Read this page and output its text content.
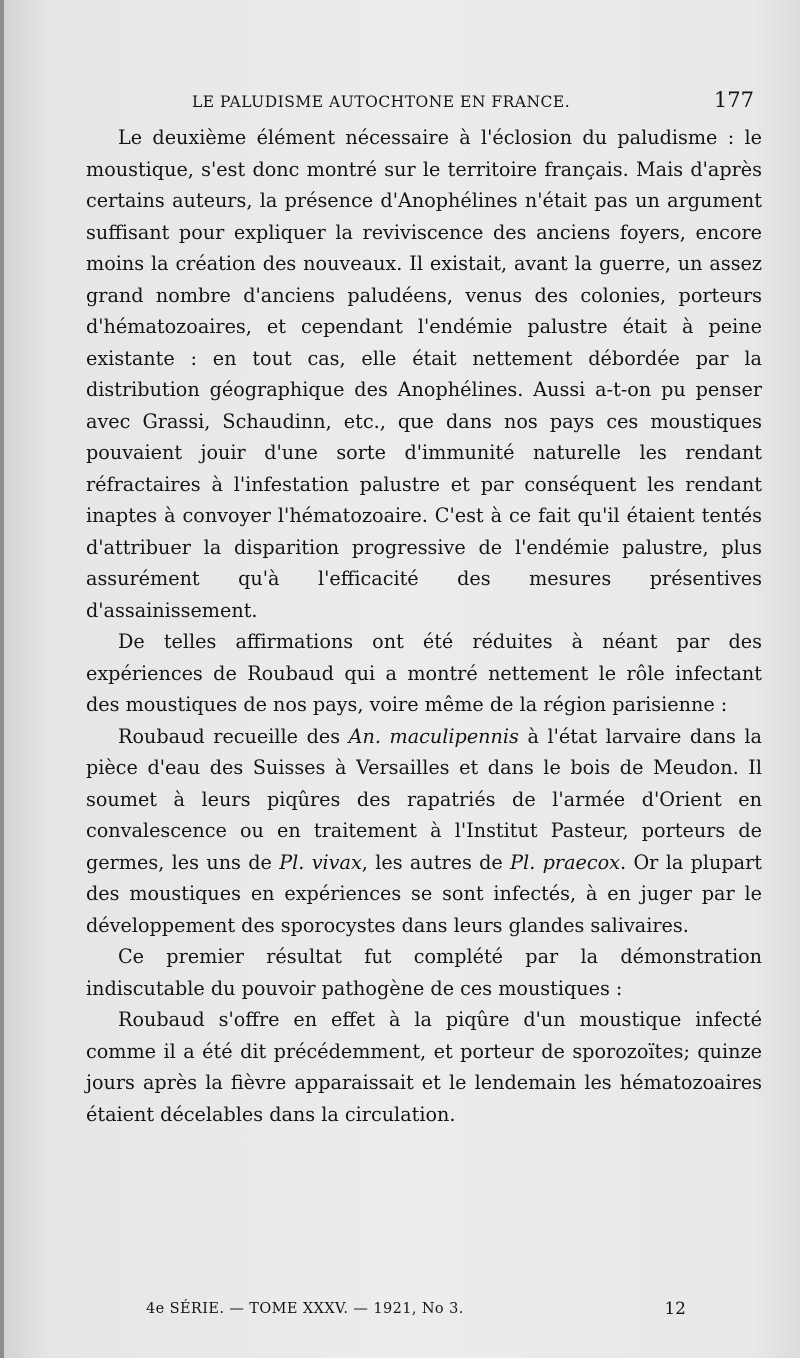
LE PALUDISME AUTOCHTONE EN FRANCE.	177

Le deuxième élément nécessaire à l'éclosion du paludisme : le moustique, s'est donc montré sur le territoire français. Mais d'après certains auteurs, la présence d'Anophélines n'était pas un argument suffisant pour expliquer la reviviscence des anciens foyers, encore moins la création des nouveaux. Il existait, avant la guerre, un assez grand nombre d'anciens paludéens, venus des colonies, porteurs d'hématozoaires, et cependant l'endémie palustre était à peine existante : en tout cas, elle était nettement débordée par la distribution géographique des Anophélines. Aussi a-t-on pu penser avec Grassi, Schaudinn, etc., que dans nos pays ces moustiques pouvaient jouir d'une sorte d'immunité naturelle les rendant réfractaires à l'infestation palustre et par conséquent les rendant inaptes à convoyer l'hématozoaire. C'est à ce fait qu'il étaient tentés d'attribuer la disparition progressive de l'endémie palustre, plus assurément qu'à l'efficacité des mesures présentives d'assainissement.

De telles affirmations ont été réduites à néant par des expériences de Roubaud qui a montré nettement le rôle infectant des moustiques de nos pays, voire même de la région parisienne :

Roubaud recueille des An. maculipennis à l'état larvaire dans la pièce d'eau des Suisses à Versailles et dans le bois de Meudon. Il soumet à leurs piqûres des rapatriés de l'armée d'Orient en convalescence ou en traitement à l'Institut Pasteur, porteurs de germes, les uns de Pl. vivax, les autres de Pl. praecox. Or la plupart des moustiques en expériences se sont infectés, à en juger par le développement des sporocystes dans leurs glandes salivaires.

Ce premier résultat fut complété par la démonstration indiscutable du pouvoir pathogène de ces moustiques :

Roubaud s'offre en effet à la piqûre d'un moustique infecté comme il a été dit précédemment, et porteur de sporozoïtes; quinze jours après la fièvre apparaissait et le lendemain les hématozoaires étaient décelables dans la circulation.

4e SÉRIE. — TOME XXXV. — 1921, No 3.	12
